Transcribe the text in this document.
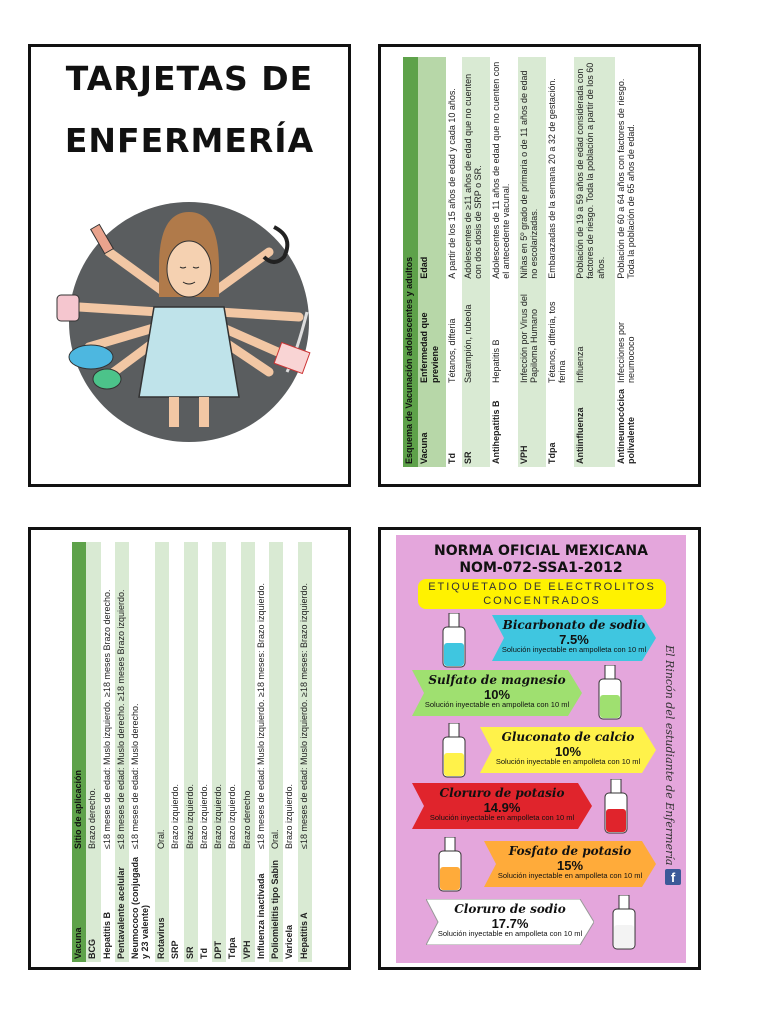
TARJETAS DE
ENFERMERÍA
Esquema de Vacunación adolescentes y adultos		
Vacuna	Enfermedad que previene	Edad
Td	Tétanos, difteria	A partir de los 15 años de edad y cada 10 años.
SR	Sarampión, rubeola	Adolescentes de ≥11 años de edad que no cuenten con dos dosis de SRP o SR.
Antihepatitis B	Hepatitis B	Adolescentes de 11 años de edad que no cuenten con el antecedente vacunal.
VPH	Infección por Virus del Papiloma Humano	Niñas en 5º grado de primaria o de 11 años de edad no escolarizadas.
Tdpa	Tétanos, difteria, tos ferina	Embarazadas de la semana 20 a 32 de gestación.
Antiinfluenza	Influenza	Población de 19 a 59 años de edad considerada con factores de riesgo. Toda la población a partir de los 60 años.
Antineumocócica polivalente	Infecciones por neumococo	Población de 60 a 64 años con factores de riesgo. Toda la población de 65 años de edad.
Vacuna	Sitio de aplicación
BCG	Brazo derecho.
Hepatitis B	≤18 meses de edad: Muslo izquierdo. ≥18 meses Brazo derecho.
Pentavalente acelular	≤18 meses de edad: Muslo derecho. ≥18 meses Brazo izquierdo.
Neumococo (conjugada y 23 valente)	≤18 meses de edad: Muslo derecho.
Rotavirus	Oral.
SRP	Brazo izquierdo.
SR	Brazo izquierdo.
Td	Brazo izquierdo.
DPT	Brazo izquierdo.
Tdpa	Brazo izquierdo.
VPH	Brazo derecho
Influenza inactivada	≤18 meses de edad: Muslo izquierdo. ≥18 meses: Brazo izquierdo.
Poliomielitis tipo Sabin	Oral.
Varicela	Brazo izquierdo.
Hepatitis A	≤18 meses de edad: Muslo izquierdo. ≥18 meses: Brazo izquierdo.
NORMA OFICIAL MEXICANA
NOM-072-SSA1-2012
ETIQUETADO DE ELECTROLITOS
CONCENTRADOS
Bicarbonato de sodio
7.5%
Solución inyectable en ampolleta con 10 ml
Sulfato de magnesio
10%
Solución inyectable en ampolleta con 10 ml
Gluconato de calcio
10%
Solución inyectable en ampolleta con 10 ml
Cloruro de potasio
14.9%
Solución inyectable en ampolleta con 10 ml
Fosfato de potasio
15%
Solución inyectable en ampolleta con 10 ml
Cloruro de sodio
17.7%
Solución inyectable en ampolleta con 10 ml
El Rincón del estudiante de Enfermería
f
